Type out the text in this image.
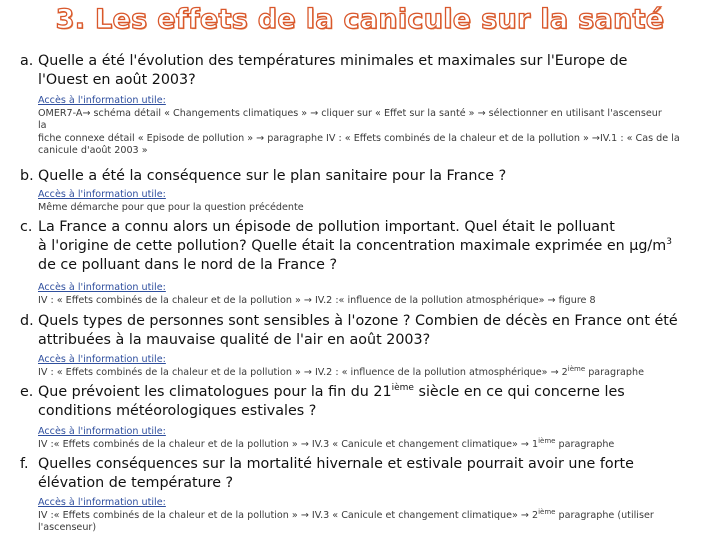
3. Les effets de la canicule sur la santé
a. Quelle a été l'évolution des températures minimales et maximales sur l'Europe de
l'Ouest en août 2003?
Accès à l'information utile:
OMER7-A→ schéma détail « Changements climatiques » → cliquer sur « Effet sur la santé » → sélectionner en utilisant l'ascenseur
la
fiche connexe détail « Episode de pollution » → paragraphe IV : « Effets combinés de la chaleur et de la pollution » →IV.1 : « Cas de la
canicule d'août 2003 »
b. Quelle a été la conséquence sur le plan sanitaire pour la France ?
Accès à l'information utile:
Même démarche pour que pour la question précédente
c. La France a connu alors un épisode de pollution important. Quel était le polluant
à l'origine de cette pollution? Quelle était la concentration maximale exprimée en $\mu g/m^3$
de ce polluant dans le nord de la France ?
Accès à l'information utile:
IV : « Effets combinés de la chaleur et de la pollution » → IV.2 :« influence de la pollution atmosphérique» → figure 8
d. Quels types de personnes sont sensibles à l'ozone ? Combien de décès en France ont été
attribuées à la mauvaise qualité de l'air en août 2003?
Accès à l'information utile:
IV : « Effets combinés de la chaleur et de la pollution » → IV.2 : « influence de la pollution atmosphérique» → 2ième paragraphe
e. Que prévoient les climatologues pour la fin du 21ième siècle en ce qui concerne les
conditions météorologiques estivales ?
Accès à l'information utile:
IV :« Effets combinés de la chaleur et de la pollution » → IV.3 « Canicule et changement climatique» → 1ième paragraphe
f. Quelles conséquences sur la mortalité hivernale et estivale pourrait avoir une forte
élévation de température ?
Accès à l'information utile:
IV :« Effets combinés de la chaleur et de la pollution » → IV.3 « Canicule et changement climatique» → 2ième paragraphe (utiliser
l'ascenseur)
